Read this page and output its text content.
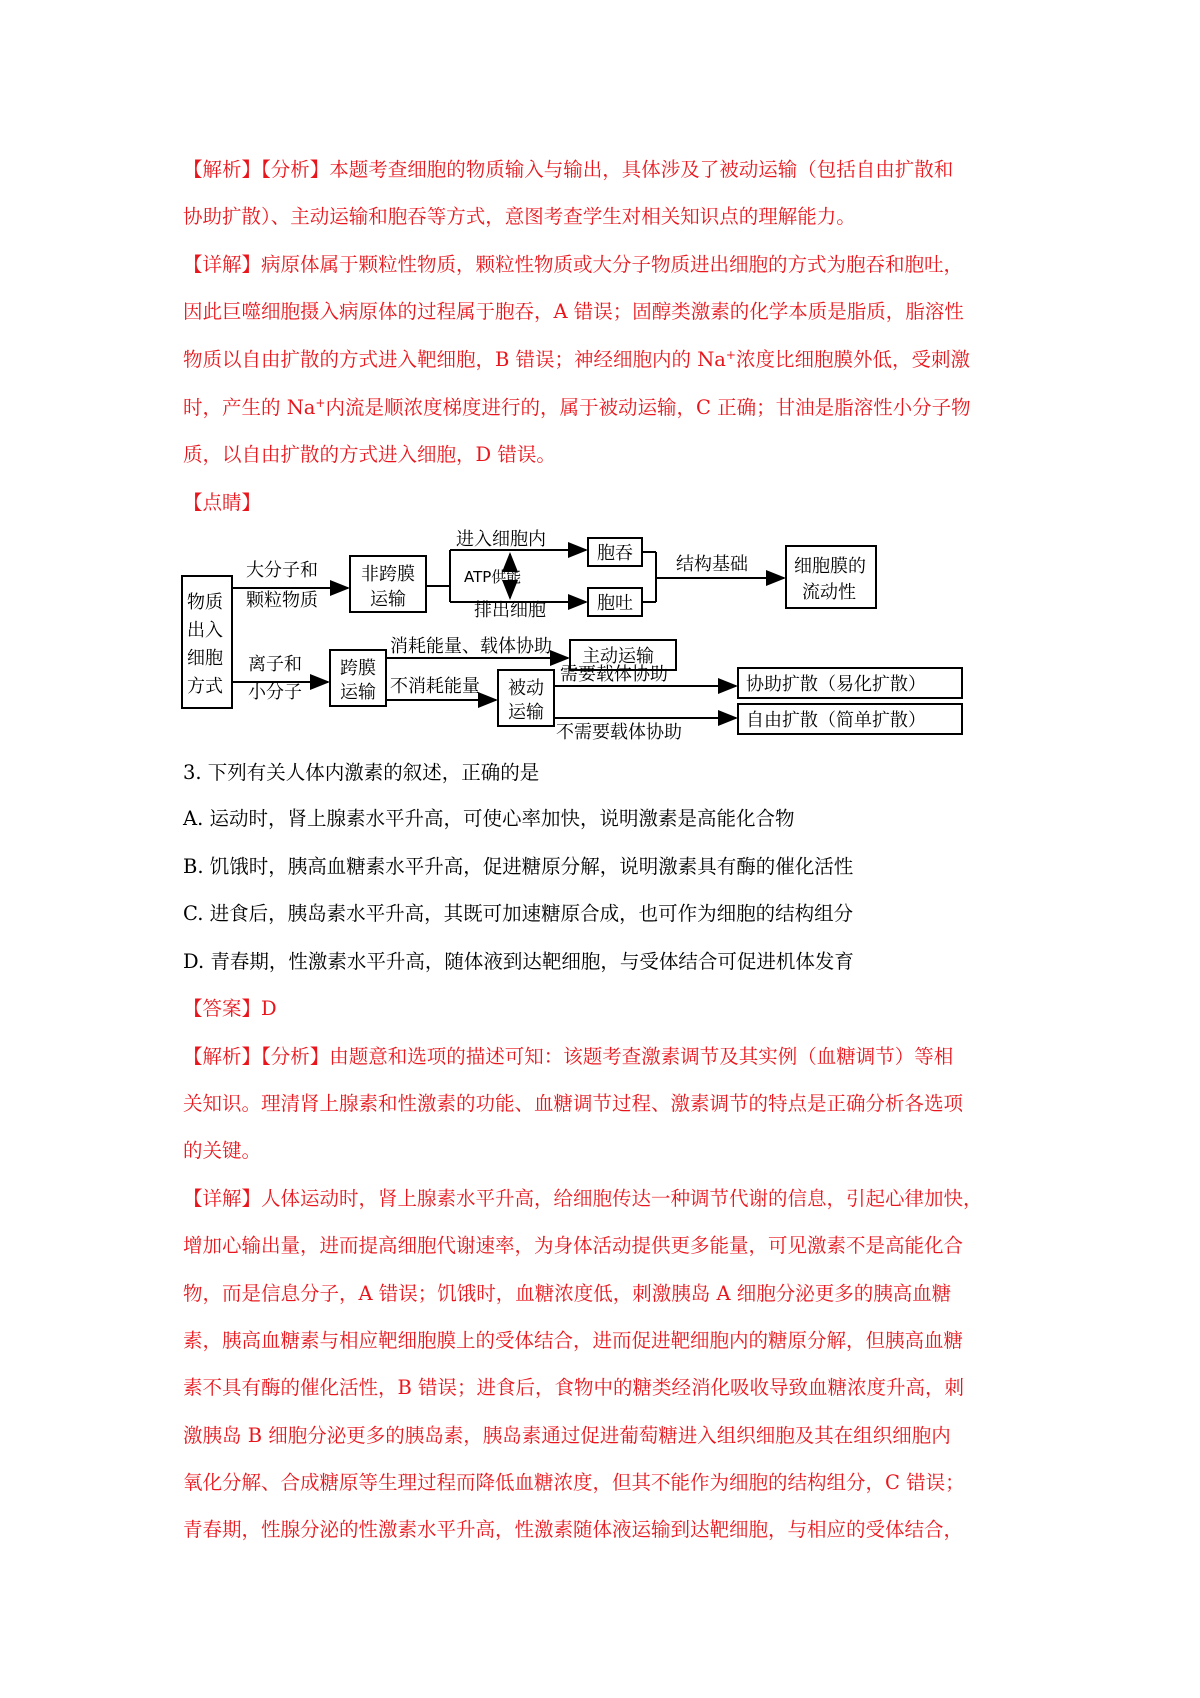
【解析】【分析】本题考查细胞的物质输入与输出，具体涉及了被动运输（包括自由扩散和
协助扩散）、主动运输和胞吞等方式，意图考查学生对相关知识点的理解能力。
【详解】病原体属于颗粒性物质，颗粒性物质或大分子物质进出细胞的方式为胞吞和胞吐，
因此巨噬细胞摄入病原体的过程属于胞吞，A 错误；固醇类激素的化学本质是脂质，脂溶性
物质以自由扩散的方式进入靶细胞，B 错误；神经细胞内的 Na+浓度比细胞膜外低，受刺激
时，产生的 Na+内流是顺浓度梯度进行的，属于被动运输，C 正确；甘油是脂溶性小分子物
质，以自由扩散的方式进入细胞，D 错误。
【点睛】
物质
出入
细胞
方式
大分子和
颗粒物质
非跨膜
运输
进入细胞内
ATP供能
排出细胞
胞吞
胞吐
结构基础	细胞膜的
流动性
离子和
小分子
跨膜
运输
消耗能量、载体协助 主动运输
不消耗能量 被动
运输
需要载体协助
不需要载体协助
协助扩散（易化扩散）
自由扩散（简单扩散）
3. 下列有关人体内激素的叙述，正确的是
A. 运动时，肾上腺素水平升高，可使心率加快，说明激素是高能化合物
B. 饥饿时，胰高血糖素水平升高，促进糖原分解，说明激素具有酶的催化活性
C. 进食后，胰岛素水平升高，其既可加速糖原合成，也可作为细胞的结构组分
D. 青春期，性激素水平升高，随体液到达靶细胞，与受体结合可促进机体发育
【答案】D
【解析】【分析】由题意和选项的描述可知：该题考查激素调节及其实例（血糖调节）等相
关知识。理清肾上腺素和性激素的功能、血糖调节过程、激素调节的特点是正确分析各选项
的关键。
【详解】人体运动时，肾上腺素水平升高，给细胞传达一种调节代谢的信息，引起心律加快，
增加心输出量，进而提高细胞代谢速率，为身体活动提供更多能量，可见激素不是高能化合
物，而是信息分子，A 错误；饥饿时，血糖浓度低，刺激胰岛 A 细胞分泌更多的胰高血糖
素，胰高血糖素与相应靶细胞膜上的受体结合，进而促进靶细胞内的糖原分解，但胰高血糖
素不具有酶的催化活性，B 错误；进食后，食物中的糖类经消化吸收导致血糖浓度升高，刺
激胰岛 B 细胞分泌更多的胰岛素，胰岛素通过促进葡萄糖进入组织细胞及其在组织细胞内
氧化分解、合成糖原等生理过程而降低血糖浓度，但其不能作为细胞的结构组分，C 错误；
青春期，性腺分泌的性激素水平升高，性激素随体液运输到达靶细胞，与相应的受体结合，
